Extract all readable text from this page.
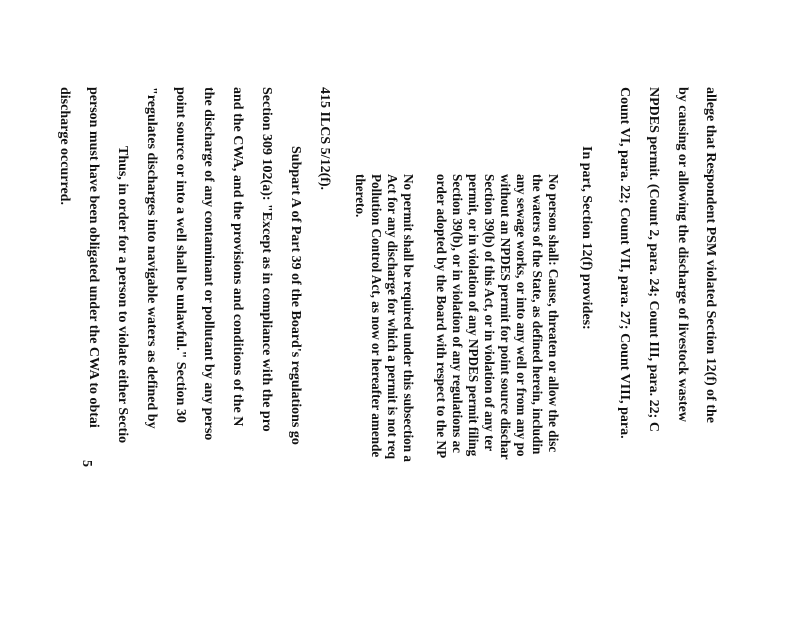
allege that Respondent PSM violated Section 12(f) of the
by causing or allowing the discharge of livestock wastew
NPDES permit. (Count 2, para. 24; Count III, para. 22; C
Count VI, para. 22; Count VII, para. 27; Count VIII, para.
In part, Section 12(f) provides:
No person shall: Cause, threaten or allow the disc
the waters of the State, as defined herein, includin
any sewage works, or into any well or from any po
without an NPDES permit for point source dischar
Section 39(b) of this Act, or in violation of any ter
permit, or in violation of any NPDES permit filing
Section 39(b), or in violation of any regulations ac
order adopted by the Board with respect to the NP
No permit shall be required under this subsection a
Act for any discharge for which a permit is not req
Pollution Control Act, as now or hereafter amende
thereto.
415 ILCS 5/12(f).
Subpart A of Part 39 of the Board's regulations go
Section 309 102(a): "Except as in compliance with the pro
and the CWA, and the provisions and conditions of the N
the discharge of any contaminant or pollutant by any perso
point source or into a well shall be unlawful." Section 30
"regulates discharges into navigable waters as defined by
Thus, in order for a person to violate either Sectio
person must have been obligated under the CWA to obtai
discharge occurred.
5
